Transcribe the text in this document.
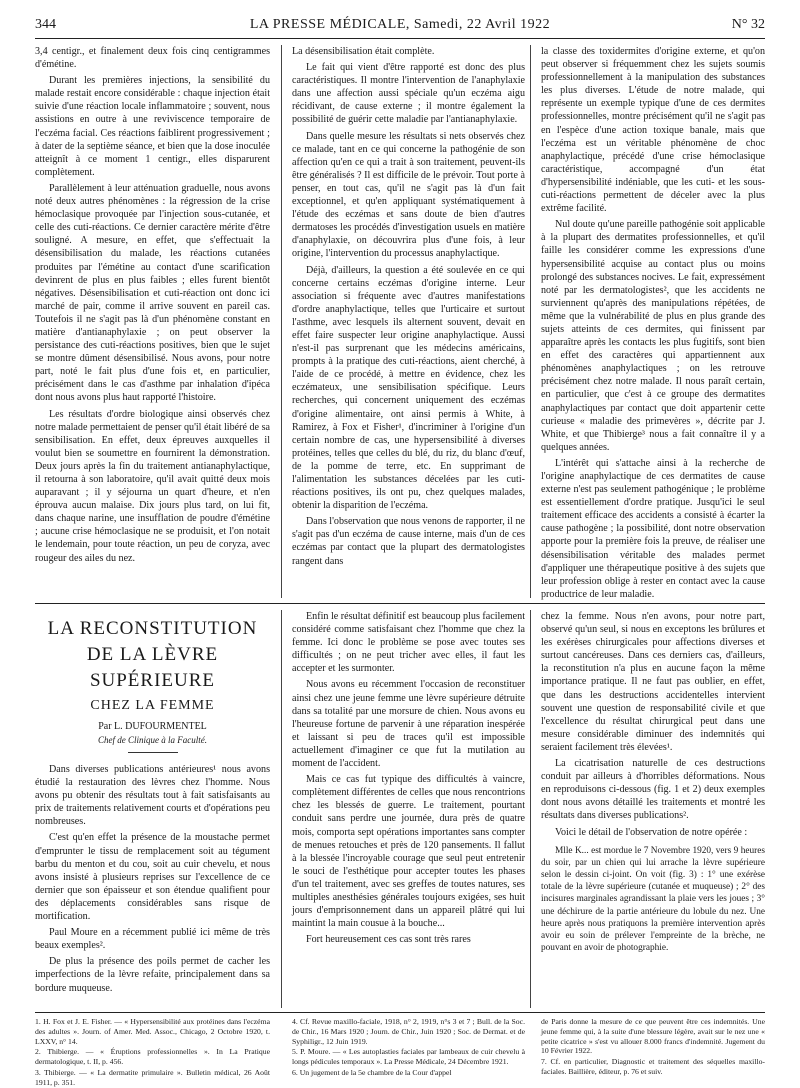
344	LA PRESSE MÉDICALE, Samedi, 22 Avril 1922	N° 32

3,4 centigr., et finalement deux fois cinq centigrammes d'émétine.

Durant les premières injections, la sensibilité du malade restait encore considérable : chaque injection était suivie d'une réaction locale inflammatoire ; souvent, nous assistions en outre à une reviviscence temporaire de l'eczéma facial. Ces réactions faiblirent progressivement ; à dater de la septième séance, et bien que la dose inoculée atteignît à ce moment 1 centigr., elles disparurent complètement.

Parallèlement à leur atténuation graduelle, nous avons noté deux autres phénomènes : la régression de la crise hémoclasique provoquée par l'injection sous-cutanée, et celle des cuti-réactions. Ce dernier caractère mérite d'être souligné. A mesure, en effet, que s'effectuait la désensibilisation du malade, les réactions cutanées produites par l'émétine au contact d'une scarification devinrent de plus en plus faibles ; elles furent bientôt négatives. Désensibilisation et cuti-réaction ont donc ici marché de pair, comme il arrive souvent en pareil cas. Toutefois il ne s'agit pas là d'un phénomène constant en matière d'antianaphylaxie ; on peut observer la persistance des cuti-réactions positives, bien que le sujet se montre dûment désensibilisé. Nous avons, pour notre part, noté le fait plus d'une fois et, en particulier, précisément dans le cas d'asthme par inhalation d'ipéca dont nous avons plus haut rapporté l'histoire.

Les résultats d'ordre biologique ainsi observés chez notre malade permettaient de penser qu'il était libéré de sa sensibilisation. En effet, deux épreuves auxquelles il voulut bien se soumettre en fournirent la démonstration. Deux jours après la fin du traitement antianaphylactique, il retourna à son laboratoire, qu'il avait quitté deux mois auparavant ; il y séjourna un quart d'heure, et n'en éprouva aucun malaise. Dix jours plus tard, on lui fit, dans chaque narine, une insufflation de poudre d'émétine ; aucune crise hémoclasique ne se produisit, et l'on notait le lendemain, pour toute réaction, un peu de coryza, avec rougeur des ailes du nez.

La désensibilisation était complète.

Le fait qui vient d'être rapporté est donc des plus caractéristiques. Il montre l'intervention de l'anaphylaxie dans une affection aussi spéciale qu'un eczéma aigu récidivant, de cause externe ; il montre également la possibilité de guérir cette maladie par l'antianaphylaxie.

Dans quelle mesure les résultats si nets observés chez ce malade, tant en ce qui concerne la pathogénie de son affection qu'en ce qui a trait à son traitement, peuvent-ils être généralisés ? Il est difficile de le prévoir. Tout porte à penser, en tout cas, qu'il ne s'agit pas là d'un fait exceptionnel, et qu'en appliquant systématiquement à l'étude des eczémas et sans doute de bien d'autres dermatoses les procédés d'investigation usuels en matière d'anaphylaxie, on découvrira plus d'une fois, à leur origine, l'intervention du processus anaphylactique.

Déjà, d'ailleurs, la question a été soulevée en ce qui concerne certains eczémas d'origine interne. Leur association si fréquente avec d'autres manifestations d'ordre anaphylactique, telles que l'urticaire et surtout l'asthme, avec lesquels ils alternent souvent, devait en effet faire suspecter leur origine anaphylactique. Aussi n'est-il pas surprenant que les médecins américains, prompts à la pratique des cuti-réactions, aient cherché, à l'aide de ce procédé, à mettre en évidence, chez les eczémateux, une sensibilisation spécifique. Leurs recherches, qui concernent uniquement des eczémas d'origine alimentaire, ont ainsi permis à White, à Ramirez, à Fox et Fisher¹, d'incriminer à l'origine d'un certain nombre de cas, une hypersensibilité à diverses protéines, telles que celles du blé, du riz, du blanc d'œuf, de la pomme de terre, etc. En supprimant de l'alimentation les substances décelées par les cuti-réactions positives, ils ont pu, chez quelques malades, obtenir la disparition de l'eczéma.

Dans l'observation que nous venons de rapporter, il ne s'agit pas d'un eczéma de cause interne, mais d'un de ces eczémas par contact que la plupart des dermatologistes rangent dans

la classe des toxidermites d'origine externe, et qu'on peut observer si fréquemment chez les sujets soumis professionnellement à la manipulation des substances les plus diverses. L'étude de notre malade, qui représente un exemple typique d'une de ces dermites professionnelles, montre précisément qu'il ne s'agit pas en l'espèce d'une action toxique banale, mais que l'eczéma est un véritable phénomène de choc anaphylactique, précédé d'une crise hémoclasique caractéristique, accompagné d'un état d'hypersensibilité indéniable, que les cuti- et les sous-cuti-réactions permettent de déceler avec la plus extrême facilité.

Nul doute qu'une pareille pathogénie soit applicable à la plupart des dermatites professionnelles, et qu'il faille les considérer comme les expressions d'une hypersensibilité acquise au contact plus ou moins prolongé des substances nocives. Le fait, expressément noté par les dermatologistes², que les accidents ne surviennent qu'après des manipulations répétées, de même que la vulnérabilité de plus en plus grande des sujets atteints de ces dermites, qui finissent par apparaître après les contacts les plus fugitifs, sont bien en effet des caractères qui appartiennent aux phénomènes anaphylactiques ; on les retrouve précisément chez notre malade. Il nous paraît certain, en particulier, que c'est à ce groupe des dermatites anaphylactiques par contact que doit appartenir cette curieuse « maladie des primevères », décrite par J. White, et que Thibierge³ nous a fait connaître il y a quelques années.

L'intérêt qui s'attache ainsi à la recherche de l'origine anaphylactique de ces dermatites de cause externe n'est pas seulement pathogénique ; le problème est essentiellement d'ordre pratique. Jusqu'ici le seul traitement efficace des accidents a consisté à écarter la cause pathogène ; la possibilité, dont notre observation apporte pour la première fois la preuve, de réaliser une désensibilisation véritable des malades permet d'appliquer une thérapeutique positive à des sujets que leur profession oblige à rester en contact avec la cause productrice de leur maladie.

LA RECONSTITUTION
DE LA LÈVRE SUPÉRIEURE
CHEZ LA FEMME
Par L. DUFOURMENTEL
Chef de Clinique à la Faculté.

Dans diverses publications antérieures¹ nous avons étudié la restauration des lèvres chez l'homme. Nous avons pu obtenir des résultats tout à fait satisfaisants au prix de traitements relativement courts et d'opérations peu nombreuses.

C'est qu'en effet la présence de la moustache permet d'emprunter le tissu de remplacement soit au tégument barbu du menton et du cou, soit au cuir chevelu, et nous avons insisté à plusieurs reprises sur l'excellence de ce dernier que son épaisseur et son étendue qualifient pour des déplacements considérables sans risque de mortification.

Paul Moure en a récemment publié ici même de très beaux exemples².

De plus la présence des poils permet de cacher les imperfections de la lèvre refaite, principalement dans sa bordure muqueuse.

Enfin le résultat définitif est beaucoup plus facilement considéré comme satisfaisant chez l'homme que chez la femme. Ici donc le problème se pose avec toutes ses difficultés ; on ne peut tricher avec elles, il faut les accepter et les surmonter.

Nous avons eu récemment l'occasion de reconstituer ainsi chez une jeune femme une lèvre supérieure détruite dans sa totalité par une morsure de chien. Nous avons eu l'heureuse fortune de parvenir à une réparation inespérée et laissant si peu de traces qu'il est impossible actuellement d'imaginer ce que fut la mutilation au moment de l'accident.

Mais ce cas fut typique des difficultés à vaincre, complètement différentes de celles que nous rencontrions chez les blessés de guerre. Le traitement, pourtant conduit sans perdre une journée, dura près de quatre mois, comporta sept opérations importantes sans compter de menues retouches et près de 120 pansements. Il fallut à la blessée l'incroyable courage que seul peut entretenir le souci de l'esthétique pour accepter toutes les phases d'un tel traitement, avec ses greffes de toutes natures, ses multiples anesthésies générales toujours exigées, ses huit jours d'emprisonnement dans un appareil plâtré qui lui maintint la main cousue à la bouche...

Fort heureusement ces cas sont très rares

chez la femme. Nous n'en avons, pour notre part, observé qu'un seul, si nous en exceptons les brûlures et les exérèses chirurgicales pour affections diverses et surtout cancéreuses. Dans ces derniers cas, d'ailleurs, la reconstitution n'a plus en aucune façon la même importance pratique. Il ne faut pas oublier, en effet, que dans les destructions accidentelles intervient souvent une question de responsabilité civile et que l'excellence du résultat chirurgical peut dans une mesure considérable diminuer des indemnités qui seraient facilement très élevées¹.

La cicatrisation naturelle de ces destructions conduit par ailleurs à d'horribles déformations. Nous en reproduisons ci-dessous (fig. 1 et 2) deux exemples dont nous avons détaillé les traitements et montré les résultats dans diverses publications².

Voici le détail de l'observation de notre opérée :

Mlle K... est mordue le 7 Novembre 1920, vers 9 heures du soir, par un chien qui lui arrache la lèvre supérieure selon le dessin ci-joint. On voit (fig. 3) : 1° une exérèse totale de la lèvre supérieure (cutanée et muqueuse) ; 2° des incisures marginales agrandissant la plaie vers les joues ; 3° une déchirure de la partie antérieure du lobule du nez. Une heure après nous pratiquons la première intervention après avoir eu soin de prélever l'empreinte de la brèche, ne pouvant en avoir de photographie.

1. H. Fox et J. E. Fisher. — « Hypersensibilité aux protéines dans l'eczéma des adultes ». Journ. of Amer. Med. Assoc., Chicago, 2 Octobre 1920, t. LXXV, n° 14.

2. Thibierge. — « Éruptions professionnelles ». In La Pratique dermatologique, t. II, p. 456.

3. Thibierge. — « La dermatite primulaire ». Bulletin médical, 26 Août 1911, p. 351.

4. Cf. Revue maxillo-faciale, 1918, n° 2, 1919, n°s 3 et 7 ; Bull. de la Soc. de Chir., 16 Mars 1920 ; Journ. de Chir., Juin 1920 ; Soc. de Dermat. et de Syphiligr., 12 Juin 1919.

5. P. Moure. — « Les autoplasties faciales par lambeaux de cuir chevelu à longs pédicules temporaux ». La Presse Médicale, 24 Décembre 1921.

6. Un jugement de la 5e chambre de la Cour d'appel

de Paris donne la mesure de ce que peuvent être ces indemnités. Une jeune femme qui, à la suite d'une blessure légère, avait sur le nez une « petite cicatrice » s'est vu allouer 8.000 francs d'indemnité. Jugement du 10 Février 1922.

7. Cf. en particulier, Diagnostic et traitement des séquelles maxillo-faciales. Baillière, éditeur, p. 76 et suiv.
